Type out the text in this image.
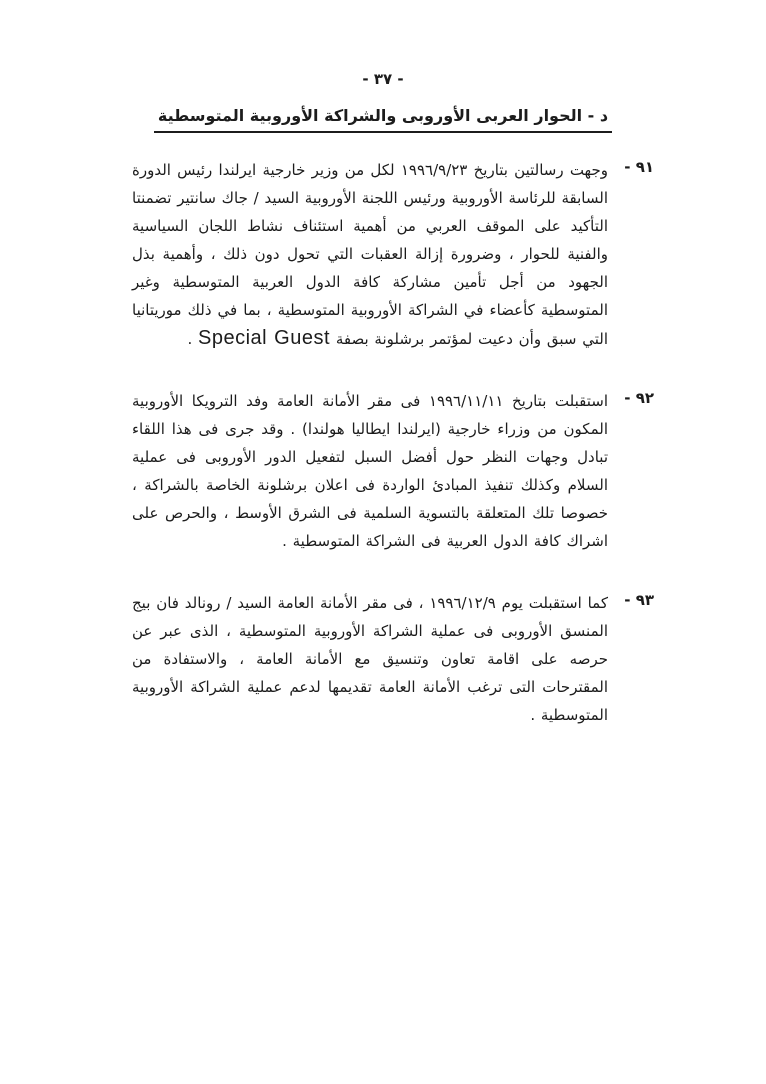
- ٣٧ -
د - الحوار العربى الأوروبى والشراكة الأوروبية المتوسطية
٩١ -
وجهت رسالتين بتاريخ ١٩٩٦/٩/٢٣ لكل من وزير خارجية ايرلندا رئيس الدورة السابقة للرئاسة الأوروبية ورئيس اللجنة الأوروبية السيد / جاك سانتير تضمنتا التأكيد على الموقف العربي من أهمية استئناف نشاط اللجان السياسية والفنية للحوار ، وضرورة إزالة العقبات التي تحول دون ذلك ، وأهمية بذل الجهود من أجل تأمين مشاركة كافة الدول العربية المتوسطية وغير المتوسطية كأعضاء في الشراكة الأوروبية المتوسطية ، بما في ذلك موريتانيا التي سبق وأن دعيت لمؤتمر برشلونة بصفة Special Guest .
٩٢ -
استقبلت بتاريخ ١٩٩٦/١١/١١ فى مقر الأمانة العامة وفد الترويكا الأوروبية المكون من وزراء خارجية (ايرلندا ايطاليا هولندا) . وقد جرى فى هذا اللقاء تبادل وجهات النظر حول أفضل السبل لتفعيل الدور الأوروبى فى عملية السلام وكذلك تنفيذ المبادئ الواردة فى اعلان برشلونة الخاصة بالشراكة ، خصوصا تلك المتعلقة بالتسوية السلمية فى الشرق الأوسط ، والحرص على اشراك كافة الدول العربية فى الشراكة المتوسطية .
٩٣ -
كما استقبلت يوم ١٩٩٦/١٢/٩ ، فى مقر الأمانة العامة السيد / رونالد فان بيج المنسق الأوروبى فى عملية الشراكة الأوروبية المتوسطية ، الذى عبر عن حرصه على اقامة تعاون وتنسيق مع الأمانة العامة ، والاستفادة من المقترحات التى ترغب الأمانة العامة تقديمها لدعم عملية الشراكة الأوروبية المتوسطية .
